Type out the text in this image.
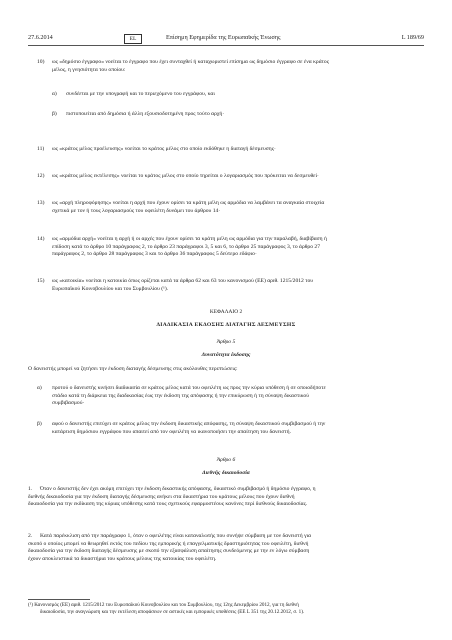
27.6.2014	EL	Επίσημη Εφημερίδα της Ευρωπαϊκής Ένωσης	L 189/69
10) ως «δημόσιο έγγραφο» νοείται το έγγραφο που έχει συνταχθεί ή καταχωριστεί επίσημα ως δημόσιο έγγραφο σε ένα κράτος
μέλος, η γνησιότητα του οποίου:
α) συνδέεται με την υπογραφή και το περιεχόμενο του εγγράφου, και
β) πιστοποιείται από δημόσια ή άλλη εξουσιοδοτημένη προς τούτο αρχή·
11) ως «κράτος μέλος προέλευσης» νοείται το κράτος μέλος στο οποίο εκδόθηκε η διαταγή δέσμευσης·
12) ως «κράτος μέλος εκτέλεσης» νοείται το κράτος μέλος στο οποίο τηρείται ο λογαριασμός που πρόκειται να δεσμευθεί·
13) ως «αρχή πληροφόρησης» νοείται η αρχή που έχουν ορίσει τα κράτη μέλη ως αρμόδια να λαμβάνει τα αναγκαία στοιχεία
σχετικά με τον ή τους λογαριασμούς του οφειλέτη δυνάμει του άρθρου 14·
14) ως «αρμόδια αρχή» νοείται η αρχή ή οι αρχές που έχουν ορίσει τα κράτη μέλη ως αρμόδια για την παραλαβή, διαβίβαση ή
επίδοση κατά το άρθρο 10 παράγραφος 2, το άρθρο 23 παράγραφοι 3, 5 και 6, το άρθρο 25 παράγραφος 3, το άρθρο 27
παράγραφος 2, το άρθρο 28 παράγραφος 3 και το άρθρο 36 παράγραφος 5 δεύτερο εδάφιο·
15) ως «κατοικία» νοείται η κατοικία όπως ορίζεται κατά τα άρθρα 62 και 63 του κανονισμού (ΕΕ) αριθ. 1215/2012 του
Ευρωπαϊκού Κοινοβουλίου και του Συμβουλίου (¹).
ΚΕΦΑΛΑΙΟ 2
ΔΙΑΔΙΚΑΣΙΑ ΕΚΔΟΣΗΣ ΔΙΑΤΑΓΗΣ ΔΕΣΜΕΥΣΗΣ
Άρθρο 5
Δυνατότητα έκδοσης
Ο δανειστής μπορεί να ζητήσει την έκδοση διαταγής δέσμευσης στις ακόλουθες περιπτώσεις:
α) προτού ο δανειστής κινήσει διαδικασία σε κράτος μέλος κατά του οφειλέτη ως προς την κύρια υπόθεση ή σε οποιοδήποτε
στάδιο κατά τη διάρκεια της διαδικασίας έως την έκδοση της απόφασης ή την επικύρωση ή τη σύναψη δικαστικού
συμβιβασμού·
β) αφού ο δανειστής επιτύχει σε κράτος μέλος την έκδοση δικαστικής απόφασης, τη σύναψη δικαστικού συμβιβασμού ή την
κατάρτιση δημόσιου εγγράφου που απαιτεί από τον οφειλέτη να ικανοποιήσει την απαίτηση του δανειστή.
Άρθρο 6
Διεθνής δικαιοδοσία
1. Όταν ο δανειστής δεν έχει ακόμη επιτύχει την έκδοση δικαστικής απόφασης, δικαστικό συμβιβασμό ή δημόσιο έγγραφο, η
διεθνής δικαιοδοσία για την έκδοση διαταγής δέσμευσης ανήκει στα δικαστήρια του κράτους μέλους που έχουν διεθνή
δικαιοδοσία για την εκδίκαση της κύριας υπόθεσης κατά τους σχετικούς εφαρμοστέους κανόνες περί διεθνούς δικαιοδοσίας.
2. Κατά παρέκκλιση από την παράγραφο 1, όταν ο οφειλέτης είναι καταναλωτής που συνήψε σύμβαση με τον δανειστή για
σκοπό ο οποίος μπορεί να θεωρηθεί εκτός του πεδίου της εμπορικής ή επαγγελματικής δραστηριότητας του οφειλέτη, διεθνή
δικαιοδοσία για την έκδοση διαταγής δέσμευσης με σκοπό την εξασφάλιση απαίτησης συνδεόμενης με την εν λόγω σύμβαση
έχουν αποκλειστικά τα δικαστήρια του κράτους μέλους της κατοικίας του οφειλέτη.
(¹) Κανονισμός (ΕΕ) αριθ. 1215/2012 του Ευρωπαϊκού Κοινοβουλίου και του Συμβουλίου, της 12ης Δεκεμβρίου 2012, για τη διεθνή
δικαιοδοσία, την αναγνώριση και την εκτέλεση αποφάσεων σε αστικές και εμπορικές υποθέσεις (ΕΕ L 351 της 20.12.2012, σ. 1).
